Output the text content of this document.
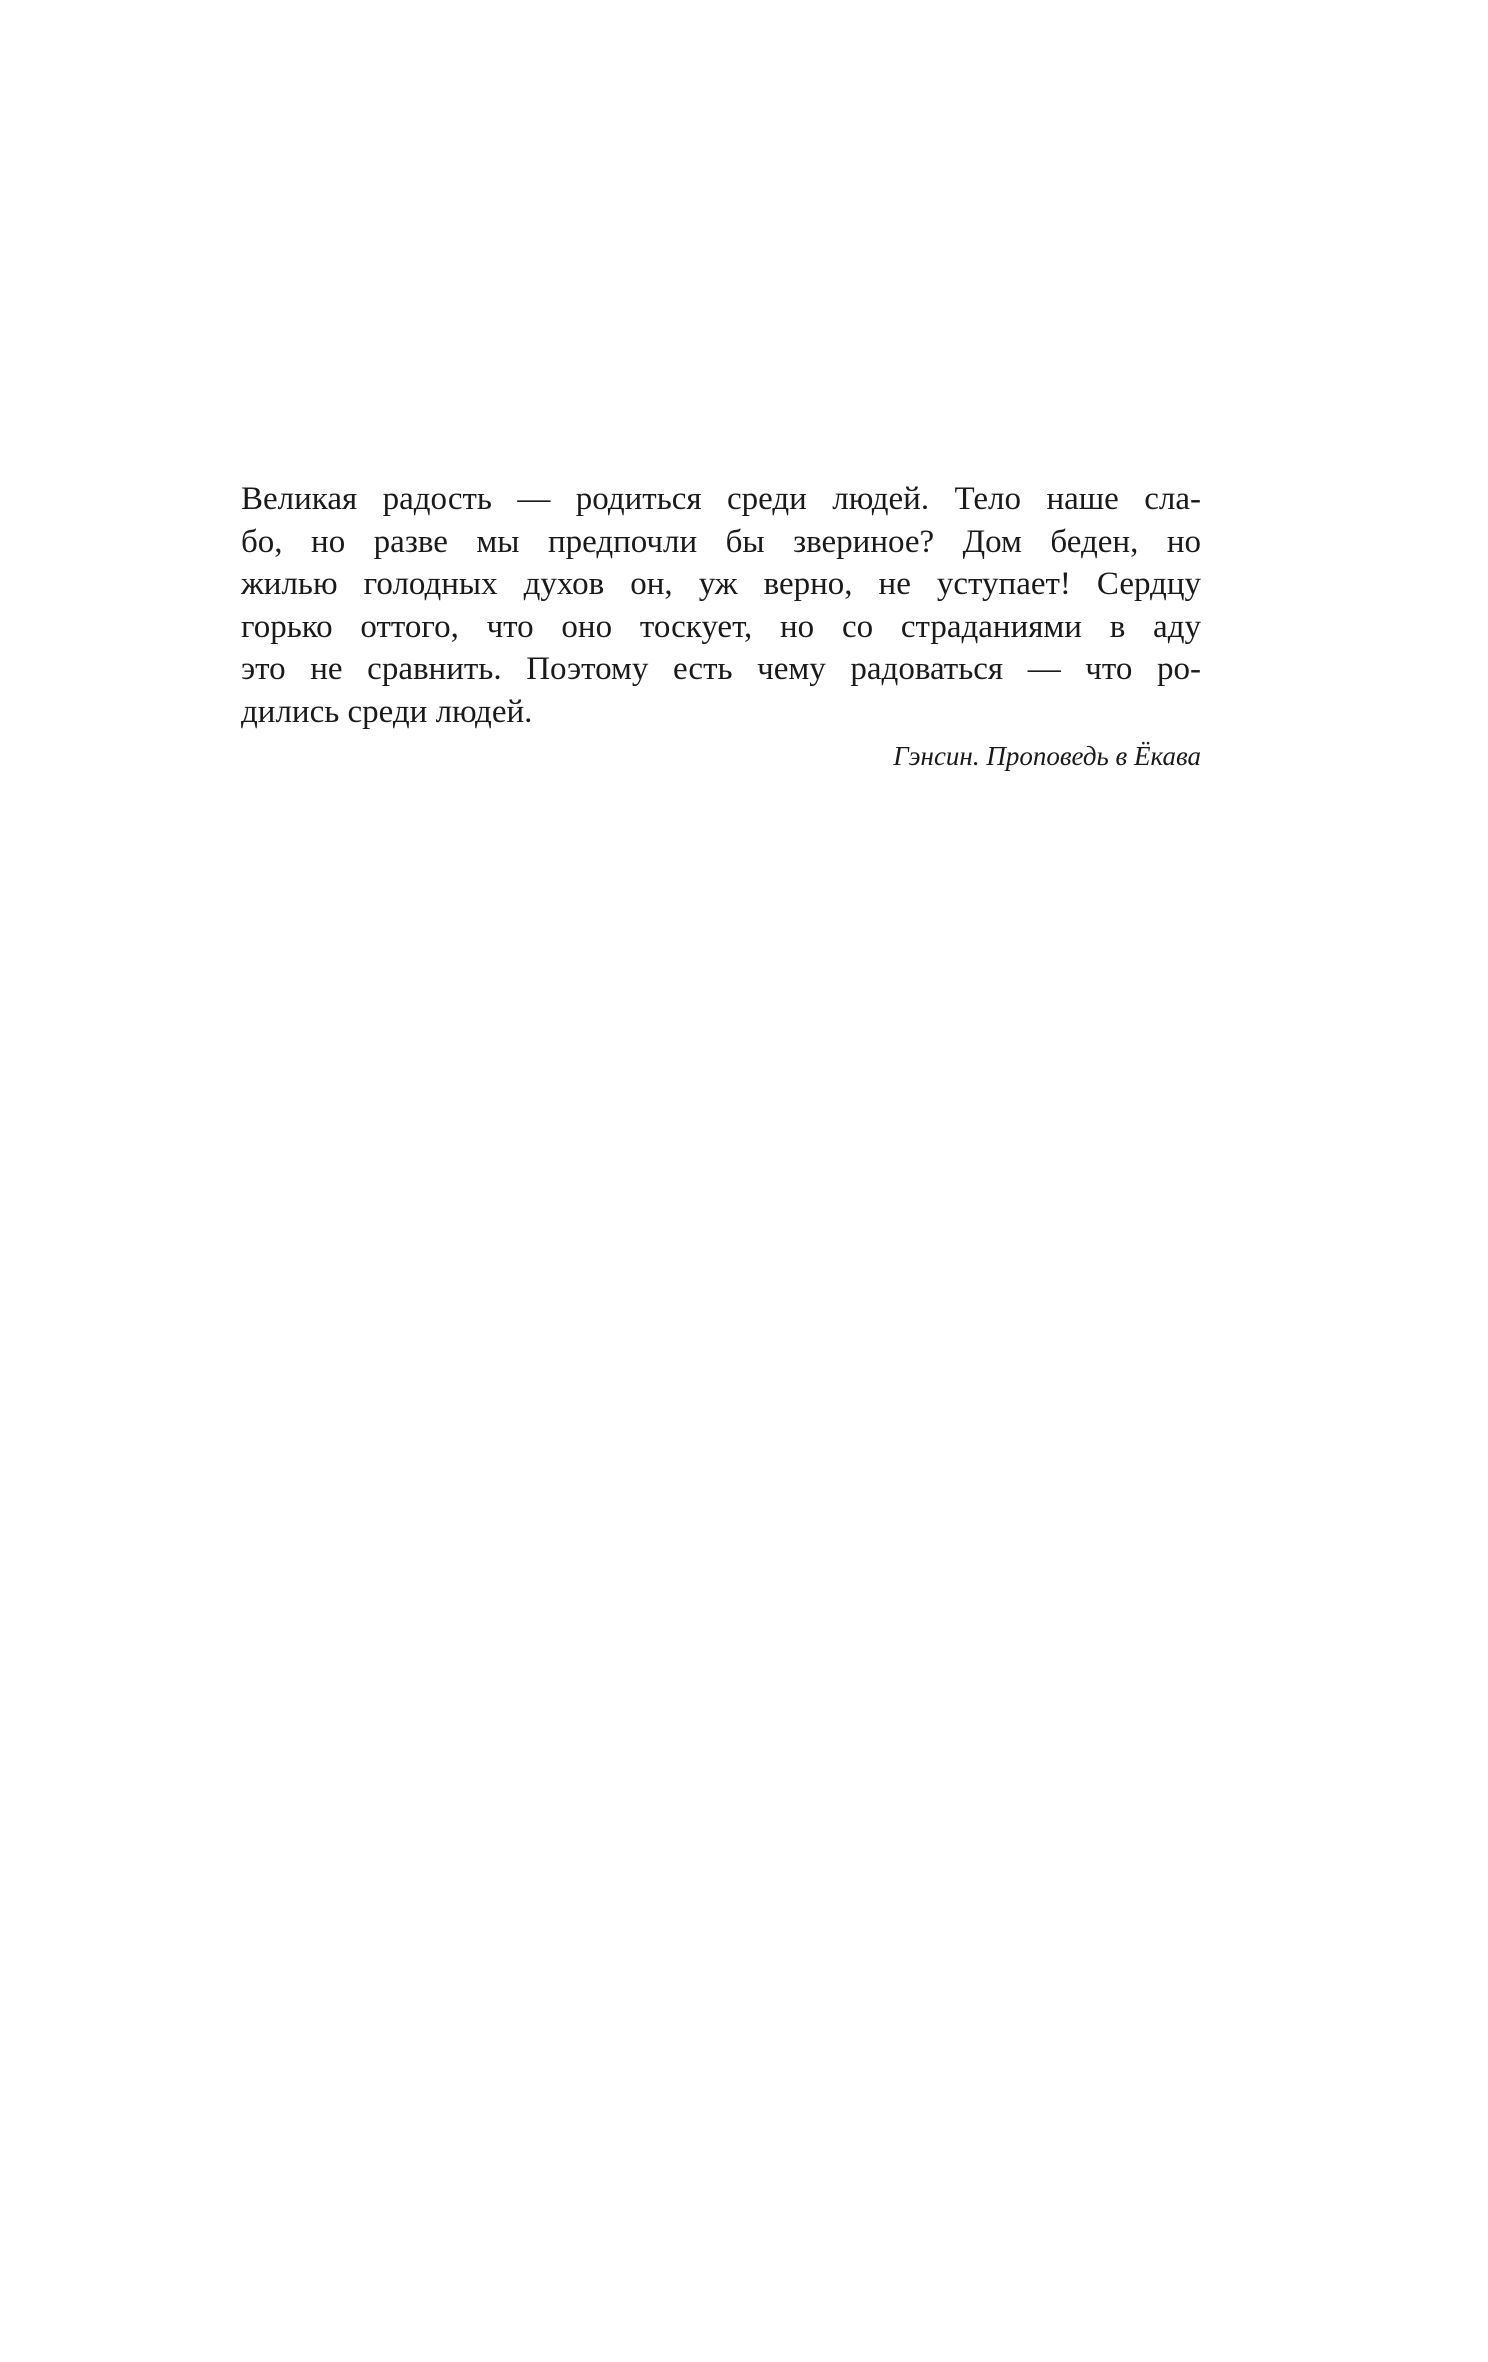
Великая радость — родиться среди людей. Тело наше сла-
бо, но разве мы предпочли бы звериное? Дом беден, но
жилью голодных духов он, уж верно, не уступает! Сердцу
горько оттого, что оно тоскует, но со страданиями в аду
это не сравнить. Поэтому есть чему радоваться — что ро-
дились среди людей.

Гэнсин. Проповедь в Ёкава
